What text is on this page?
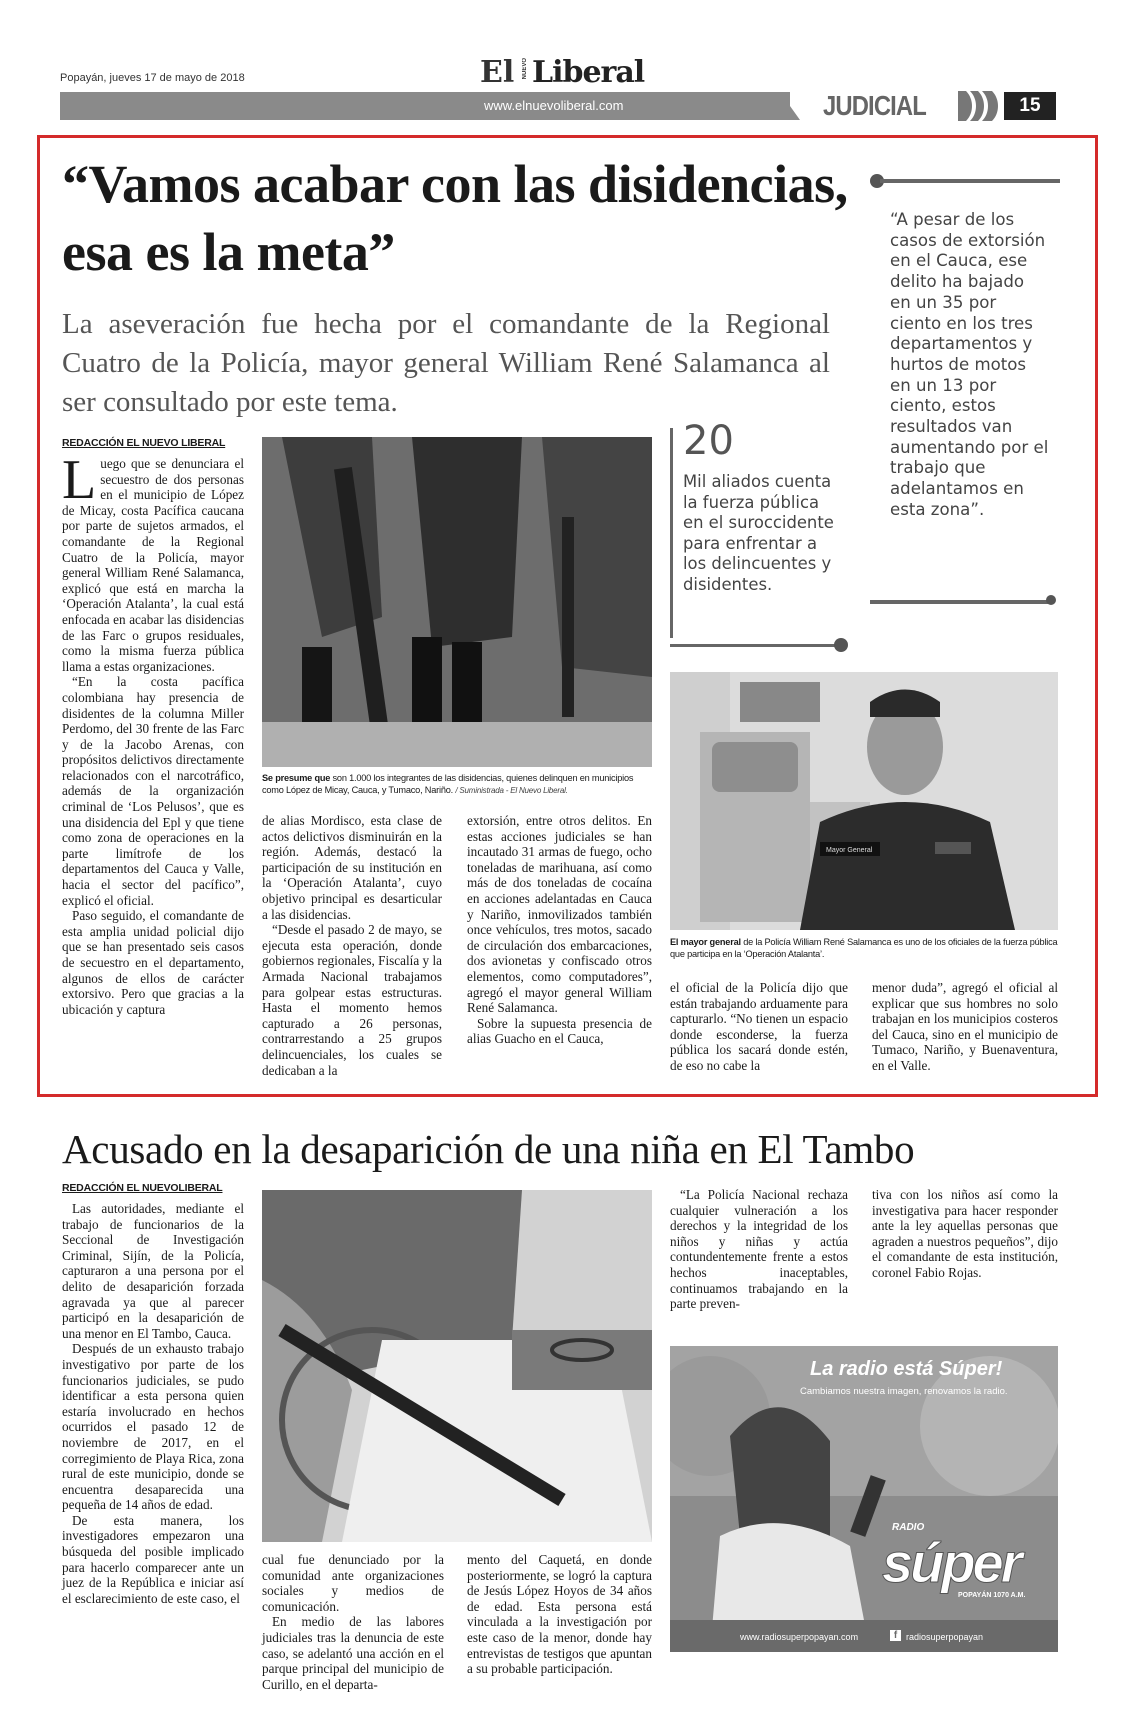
Popayán, jueves 17 de mayo de 2018	El NUEVO Liberal
www.elnuevoliberal.com	JUDICIAL	15
“Vamos acabar con las disidencias, esa es la meta”

La aseveración fue hecha por el comandante de la Regional Cuatro de la Policía, mayor general William René Salamanca al ser consultado por este tema.

REDACCIÓN EL NUEVO LIBERAL
L uego que se denunciara el secuestro de dos personas en el municipio de López de Micay, costa Pacífica caucana por parte de sujetos armados, el comandante de la Regional Cuatro de la Policía, mayor general William René Salamanca, explicó que está en marcha la ‘Operación Atalanta’, la cual está enfocada en acabar las disidencias de las Farc o grupos residuales, como la misma fuerza pública llama a estas organizaciones.

“En la costa pacífica colombiana hay presencia de disidentes de la columna Miller Perdomo, del 30 frente de las Farc y de la Jacobo Arenas, con propósitos delictivos directamente relacionados con el narcotráfico, además de la organización criminal de ‘Los Pelusos’, que es una disidencia del Epl y que tiene como zona de operaciones en la parte limítrofe de los departamentos del Cauca y Valle, hacia el sector del pacífico”, explicó el oficial.

Paso seguido, el comandante de esta amplia unidad policial dijo que se han presentado seis casos de secuestro en el departamento, algunos de ellos de carácter extorsivo. Pero que gracias a la ubicación y captura

Se presume que son 1.000 los integrantes de las disidencias, quienes delinquen en municipios como López de Micay, Cauca, y Tumaco, Nariño. / Suministrada - El Nuevo Liberal.

de alias Mordisco, esta clase de actos delictivos disminuirán en la región. Además, destacó la participación de su institución en la ‘Operación Atalanta’, cuyo objetivo principal es desarticular a las disidencias.

“Desde el pasado 2 de mayo, se ejecuta esta operación, donde gobiernos regionales, Fiscalía y la Armada Nacional trabajamos para golpear estas estructuras. Hasta el momento hemos capturado a 26 personas, contrarrestando a 25 grupos delincuenciales, los cuales se dedicaban a la

extorsión, entre otros delitos. En estas acciones judiciales se han incautado 31 armas de fuego, ocho toneladas de marihuana, así como más de dos toneladas de cocaína en acciones adelantadas en Cauca y Nariño, inmovilizados también once vehículos, tres motos, sacado de circulación dos embarcaciones, dos avionetas y confiscado otros elementos, como computadores”, agregó el mayor general William René Salamanca.

Sobre la supuesta presencia de alias Guacho en el Cauca,

20
Mil aliados cuenta la fuerza pública en el suroccidente para enfrentar a los delincuentes y disidentes.
“A pesar de los casos de extorsión en el Cauca, ese delito ha bajado en un 35 por ciento en los tres departamentos y hurtos de motos en un 13 por ciento, estos resultados van aumentando por el trabajo que adelantamos en esta zona”.
Mayor General
El mayor general de la Policía William René Salamanca es uno de los oficiales de la fuerza pública que participa en la ‘Operación Atalanta’.

el oficial de la Policía dijo que están trabajando arduamente para capturarlo. “No tienen un espacio donde esconderse, la fuerza pública los sacará donde estén, de eso no cabe la

menor duda”, agregó el oficial al explicar que sus hombres no solo trabajan en los municipios costeros del Cauca, sino en el municipio de Tumaco, Nariño, y Buenaventura, en el Valle.

Acusado en la desaparición de una niña en El Tambo
REDACCIÓN EL NUEVOLIBERAL

Las autoridades, mediante el trabajo de funcionarios de la Seccional de Investigación Criminal, Sijín, de la Policía, capturaron a una persona por el delito de desaparición forzada agravada ya que al parecer participó en la desaparición de una menor en El Tambo, Cauca.

Después de un exhausto trabajo investigativo por parte de los funcionarios judiciales, se pudo identificar a esta persona quien estaría involucrado en hechos ocurridos el pasado 12 de noviembre de 2017, en el corregimiento de Playa Rica, zona rural de este municipio, donde se encuentra desaparecida una pequeña de 14 años de edad.

De esta manera, los investigadores empezaron una búsqueda del posible implicado para hacerlo comparecer ante un juez de la República e iniciar así el esclarecimiento de este caso, el

cual fue denunciado por la comunidad ante organizaciones sociales y medios de comunicación.

En medio de las labores judiciales tras la denuncia de este caso, se adelantó una acción en el parque principal del municipio de Curillo, en el departa-

mento del Caquetá, en donde posteriormente, se logró la captura de Jesús López Hoyos de 34 años de edad. Esta persona está vinculada a la investigación por este caso de la menor, donde hay entrevistas de testigos que apuntan a su probable participación.

“La Policía Nacional rechaza cualquier vulneración a los derechos y la integridad de los niños y niñas y actúa contundentemente frente a estos hechos inaceptables, continuamos trabajando en la parte preven-

tiva con los niños así como la investigativa para hacer responder ante la ley aquellas personas que agraden a nuestros pequeños”, dijo el comandante de esta institución, coronel Fabio Rojas.

La radio está Súper!
Cambiamos nuestra imagen, renovamos la radio.
RADIO
súper
POPAYÁN 1070 A.M.
www.radiosuperpopayan.com	f radiosuperpopayan
